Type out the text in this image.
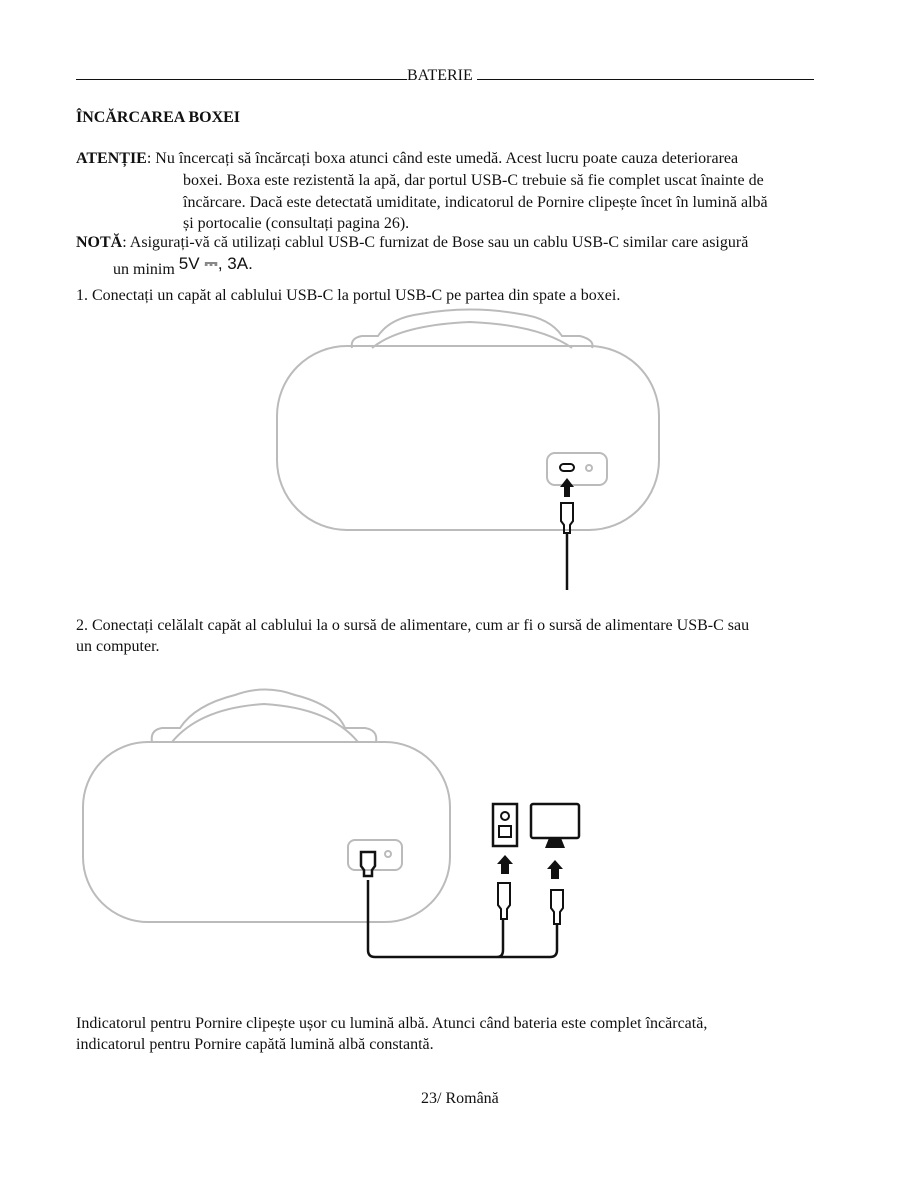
BATERIE
ÎNCĂRCAREA BOXEI
ATENȚIE: Nu încercați să încărcați boxa atunci când este umedă. Acest lucru poate cauza deteriorarea
boxei. Boxa este rezistentă la apă, dar portul USB-C trebuie să fie complet uscat înainte de
încărcare. Dacă este detectată umiditate, indicatorul de Pornire clipește încet în lumină albă
și portocalie (consultați pagina 26).
NOTĂ: Asigurați-vă că utilizați cablul USB-C furnizat de Bose sau un cablu USB-C similar care asigură
un minim 5V ⎓, 3A.
1. Conectați un capăt al cablului USB-C la portul USB-C pe partea din spate a boxei.
2. Conectați celălalt capăt al cablului la o sursă de alimentare, cum ar fi o sursă de alimentare USB-C sau
un computer.
Indicatorul pentru Pornire clipește ușor cu lumină albă. Atunci când bateria este complet încărcată,
indicatorul pentru Pornire capătă lumină albă constantă.
23/ Română
